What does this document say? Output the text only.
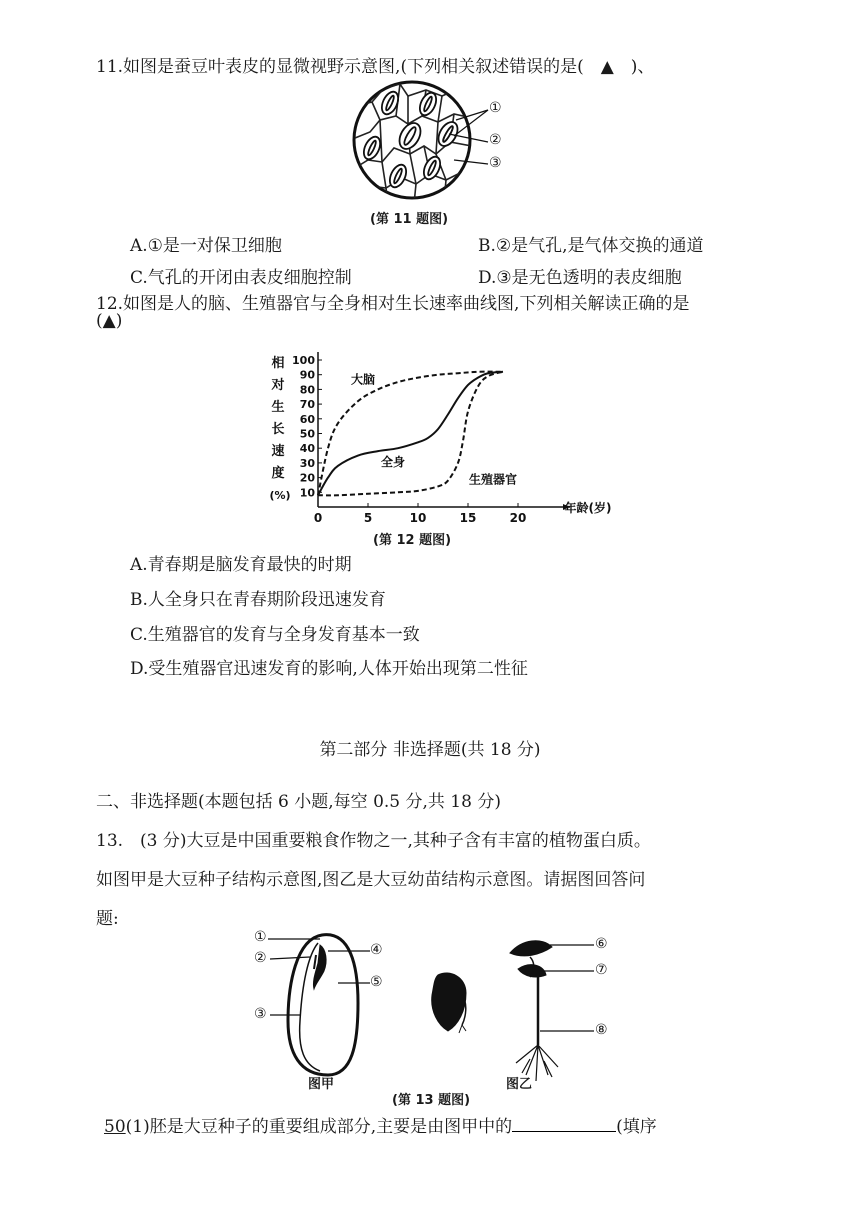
11.如图是蚕豆叶表皮的显微视野示意图,(下列相关叙述错误的是(　▲　)、
①
②
③
(第 11 题图)
A.①是一对保卫细胞	B.②是气孔,是气体交换的通道
C.气孔的开闭由表皮细胞控制	D.③是无色透明的表皮细胞
12.如图是人的脑、生殖器官与全身相对生长速率曲线图,下列相关解读正确的是
(▲)
10
20
30
40
50
60
70
80
90
100
0	5	10	15	20
相
对
生
长
速
度
(%)
年龄(岁)
大脑
全身
生殖器官
(第 12 题图)
A.青春期是脑发育最快的时期
B.人全身只在青春期阶段迅速发育
C.生殖器官的发育与全身发育基本一致
D.受生殖器官迅速发育的影响,人体开始出现第二性征
第二部分 非选择题(共 18 分)
二、非选择题(本题包括 6 小题,每空 0.5 分,共 18 分)
13.　(3 分)大豆是中国重要粮食作物之一,其种子含有丰富的植物蛋白质。
如图甲是大豆种子结构示意图,图乙是大豆幼苗结构示意图。请据图回答问
题:
①
②
③
④
⑤
⑥
⑦
⑧
图甲	图乙
(第 13 题图)
50(1)胚是大豆种子的重要组成部分,主要是由图甲中的	(填序
